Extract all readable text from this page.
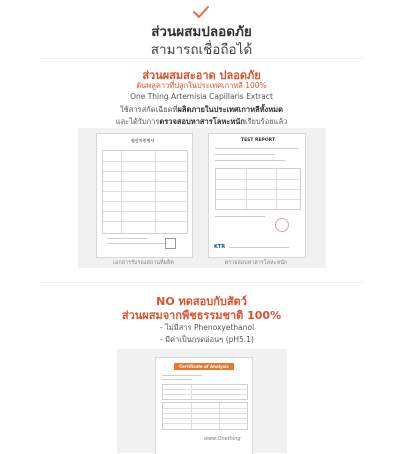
ส่วนผสมปลอดภัย
สามารถเชื่อถือได้
ส่วนผสมสะอาด ปลอดภัย
ต้นพลูคาวที่ปลูกในประเทศเกาหลี 100%
One Thing Artemisia Capillaris Extract
ใช้สารสกัดเฉียดที่ผลิตภายในประเทศเกาหลีทั้งหมด
และได้รับการตรวจสอบหาสารโลหะหนักเรียบร้อยแล้ว
원산지증명서	TEST REPORT
KTR
เอกสารรับรองสถานที่ผลิต	ตรวจสอบหาสารโลหะหนัก
NO ทดสอบกับสัตว์
ส่วนผสมจากพืชธรรมชาติ 100%
- ไม่มีสาร Phenoxyethanol
- มีค่าเป็นกรดอ่อนๆ (pH5.1)
Certificate of Analysis
www.Onething
